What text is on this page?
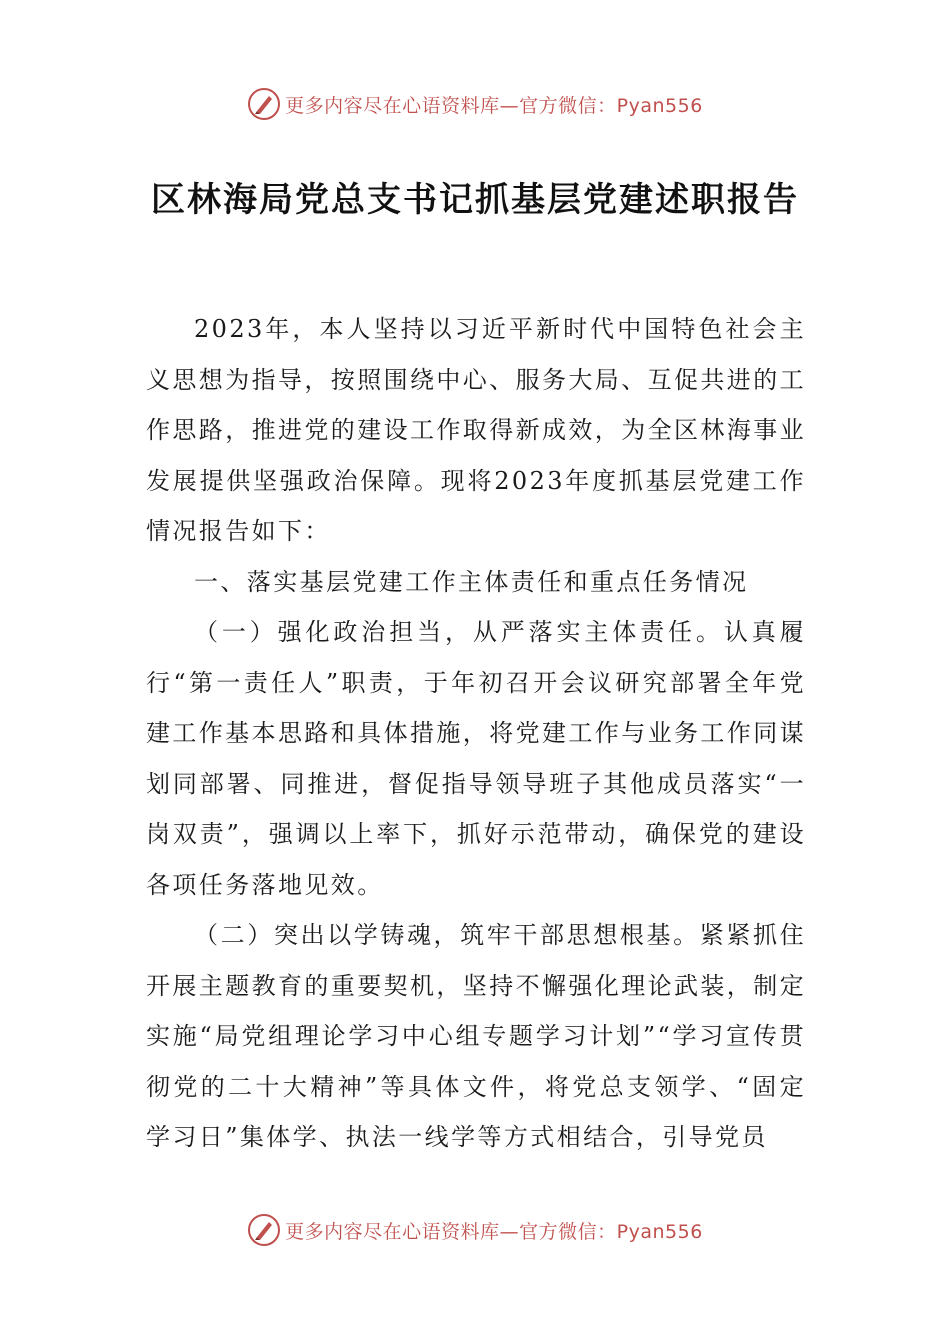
更多内容尽在心语资料库—官方微信：Pyan556
区林海局党总支书记抓基层党建述职报告

2023年，本人坚持以习近平新时代中国特色社会主义思想为指导，按照围绕中心、服务大局、互促共进的工作思路，推进党的建设工作取得新成效，为全区林海事业发展提供坚强政治保障。现将2023年度抓基层党建工作情况报告如下：

一、落实基层党建工作主体责任和重点任务情况

（一）强化政治担当，从严落实主体责任。认真履行“第一责任人”职责，于年初召开会议研究部署全年党建工作基本思路和具体措施，将党建工作与业务工作同谋划同部署、同推进，督促指导领导班子其他成员落实“一岗双责”，强调以上率下，抓好示范带动，确保党的建设各项任务落地见效。

（二）突出以学铸魂，筑牢干部思想根基。紧紧抓住开展主题教育的重要契机，坚持不懈强化理论武装，制定实施“局党组理论学习中心组专题学习计划”“学习宣传贯彻党的二十大精神”等具体文件，将党总支领学、“固定学习日”集体学、执法一线学等方式相结合，引导党员

更多内容尽在心语资料库—官方微信：Pyan556
